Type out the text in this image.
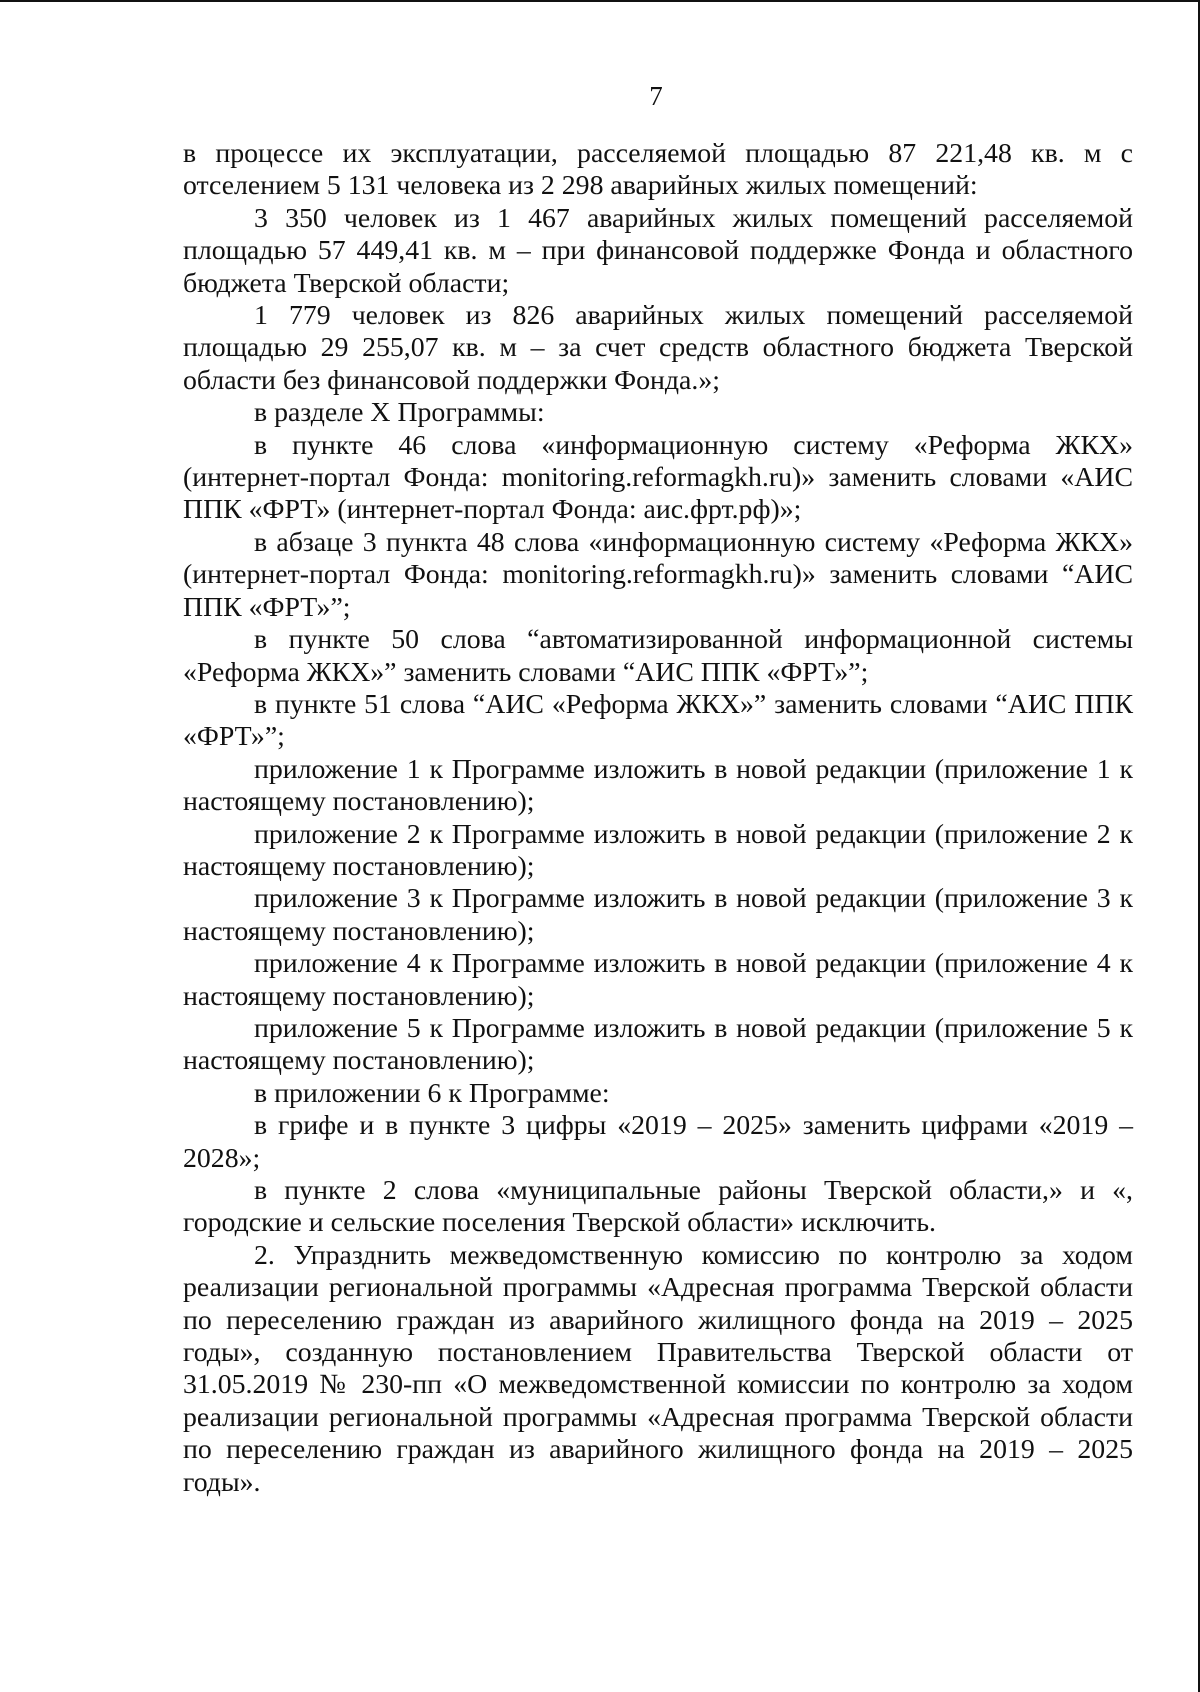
7

в процессе их эксплуатации, расселяемой площадью 87 221,48 кв. м с отселением 5 131 человека из 2 298 аварийных жилых помещений:

3 350 человек из 1 467 аварийных жилых помещений расселяемой площадью 57 449,41 кв. м – при финансовой поддержке Фонда и областного бюджета Тверской области;

1 779 человек из 826 аварийных жилых помещений расселяемой площадью 29 255,07 кв. м – за счет средств областного бюджета Тверской области без финансовой поддержки Фонда.»;

в разделе X Программы:

в пункте 46 слова «информационную систему «Реформа ЖКХ» (интернет-портал Фонда: monitoring.reformagkh.ru)» заменить словами «АИС ППК «ФРТ» (интернет-портал Фонда: аис.фрт.рф)»;

в абзаце 3 пункта 48 слова «информационную систему «Реформа ЖКХ» (интернет-портал Фонда: monitoring.reformagkh.ru)» заменить словами “АИС ППК «ФРТ»”;

в пункте 50 слова “автоматизированной информационной системы «Реформа ЖКХ»” заменить словами “АИС ППК «ФРТ»”;

в пункте 51 слова “АИС «Реформа ЖКХ»” заменить словами “АИС ППК «ФРТ»”;

приложение 1 к Программе изложить в новой редакции (приложение 1 к настоящему постановлению);

приложение 2 к Программе изложить в новой редакции (приложение 2 к настоящему постановлению);

приложение 3 к Программе изложить в новой редакции (приложение 3 к настоящему постановлению);

приложение 4 к Программе изложить в новой редакции (приложение 4 к настоящему постановлению);

приложение 5 к Программе изложить в новой редакции (приложение 5 к настоящему постановлению);

в приложении 6 к Программе:

в грифе и в пункте 3 цифры «2019 – 2025» заменить цифрами «2019 – 2028»;

в пункте 2 слова «муниципальные районы Тверской области,» и «, городские и сельские поселения Тверской области» исключить.

2. Упразднить межведомственную комиссию по контролю за ходом реализации региональной программы «Адресная программа Тверской области по переселению граждан из аварийного жилищного фонда на 2019 – 2025 годы», созданную постановлением Правительства Тверской области от 31.05.2019 № 230-пп «О межведомственной комиссии по контролю за ходом реализации региональной программы «Адресная программа Тверской области по переселению граждан из аварийного жилищного фонда на 2019 – 2025 годы».
